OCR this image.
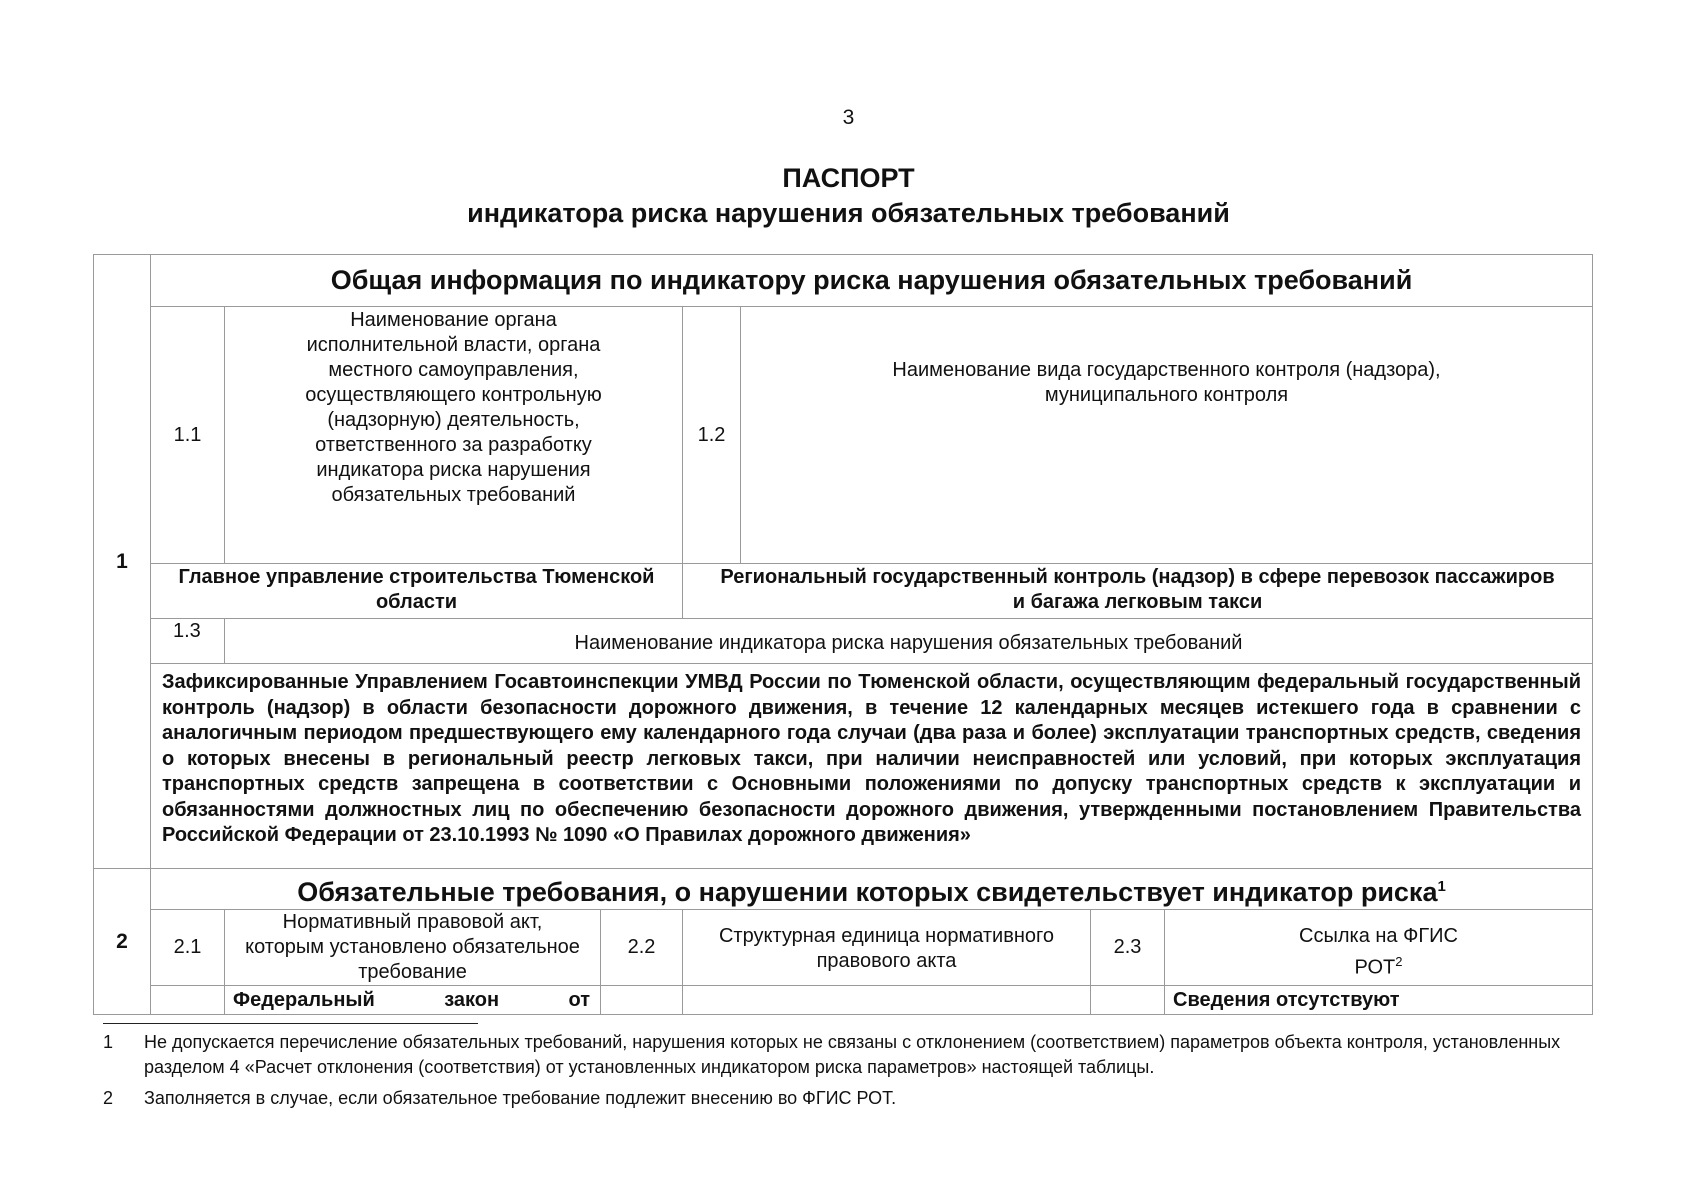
3
ПАСПОРТ
индикатора риска нарушения обязательных требований
1	Общая информация по индикатору риска нарушения обязательных требований						
	1.1	Наименование органа исполнительной власти, органа местного самоуправления, осуществляющего контрольную (надзорную) деятельность, ответственного за разработку индикатора риска нарушения обязательных требований		1.2	Наименование вида государственного контроля (надзора), муниципального контроля		
	Главное управление строительства Тюменской области			Региональный государственный контроль (надзор) в сфере перевозок пассажиров и багажа легковым такси			
	1.3	Наименование индикатора риска нарушения обязательных требований					
	Зафиксированные Управлением Госавтоинспекции УМВД России по Тюменской области, осуществляющим федеральный государственный контроль (надзор) в области безопасности дорожного движения, в течение 12 календарных месяцев истекшего года в сравнении с аналогичным периодом предшествующего ему календарного года случаи (два раза и более) эксплуатации транспортных средств, сведения о которых внесены в региональный реестр легковых такси, при наличии неисправностей или условий, при которых эксплуатация транспортных средств запрещена в соответствии с Основными положениями по допуску транспортных средств к эксплуатации и обязанностями должностных лиц по обеспечению безопасности дорожного движения, утвержденными постановлением Правительства Российской Федерации от 23.10.1993 № 1090 «О Правилах дорожного движения»						

2	Обязательные требования, о нарушении которых свидетельствует индикатор риска$^1$
	2.1	Нормативный правовой акт, которым установлено обязательное требование	2.2	Структурная единица нормативного правового акта		2.3	Ссылка на ФГИС РОТ$^2$

		Федеральный закон от					Сведения отсутствуют
1	Не допускается перечисление обязательных требований, нарушения которых не связаны с отклонением (соответствием) параметров объекта контроля, установленных разделом 4 «Расчет отклонения (соответствия) от установленных индикатором риска параметров» настоящей таблицы.
2	Заполняется в случае, если обязательное требование подлежит внесению во ФГИС РОТ.
